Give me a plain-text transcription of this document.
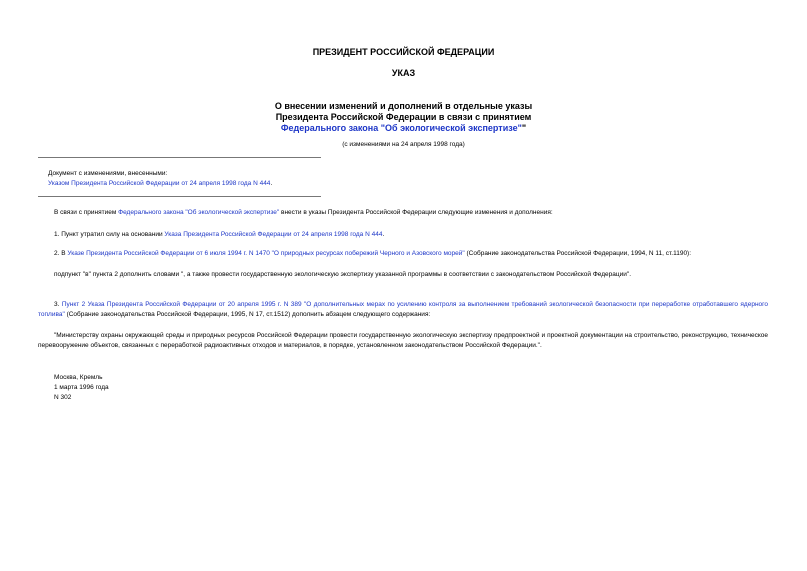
ПРЕЗИДЕНТ РОССИЙСКОЙ ФЕДЕРАЦИИ
УКАЗ
О внесении изменений и дополнений в отдельные указы
Президента Российской Федерации в связи с принятием
Федерального закона "Об экологической экспертизе""
(с изменениями на 24 апреля 1998 года)
Документ с изменениями, внесенными:
Указом Президента Российской Федерации от 24 апреля 1998 года N 444.
В связи с принятием Федерального закона "Об экологической экспертизе" внести в указы Президента Российской Федерации следующие изменения и дополнения:
1. Пункт утратил силу на основании Указа Президента Российской Федерации от 24 апреля 1998 года N 444.
2. В Указе Президента Российской Федерации от 6 июля 1994 г. N 1470 "О природных ресурсах побережий Черного и Азовского морей" (Собрание законодательства Российской Федерации, 1994, N 11, ст.1190):
подпункт "в" пункта 2 дополнить словами ", а также провести государственную экологическую экспертизу указанной программы в соответствии с законодательством Российской Федерации".
3. Пункт 2 Указа Президента Российской Федерации от 20 апреля 1995 г. N 389 "О дополнительных мерах по усилению контроля за выполнением требований экологической безопасности при переработке отработавшего ядерного топлива" (Собрание законодательства Российской Федерации, 1995, N 17, ст.1512) дополнить абзацем следующего содержания:
"Министерству охраны окружающей среды и природных ресурсов Российской Федерации провести государственную экологическую экспертизу предпроектной и проектной документации на строительство, реконструкцию, техническое перевооружение объектов, связанных с переработкой радиоактивных отходов и материалов, в порядке, установленном законодательством Российской Федерации.".
Москва, Кремль
1 марта 1996 года
N 302
